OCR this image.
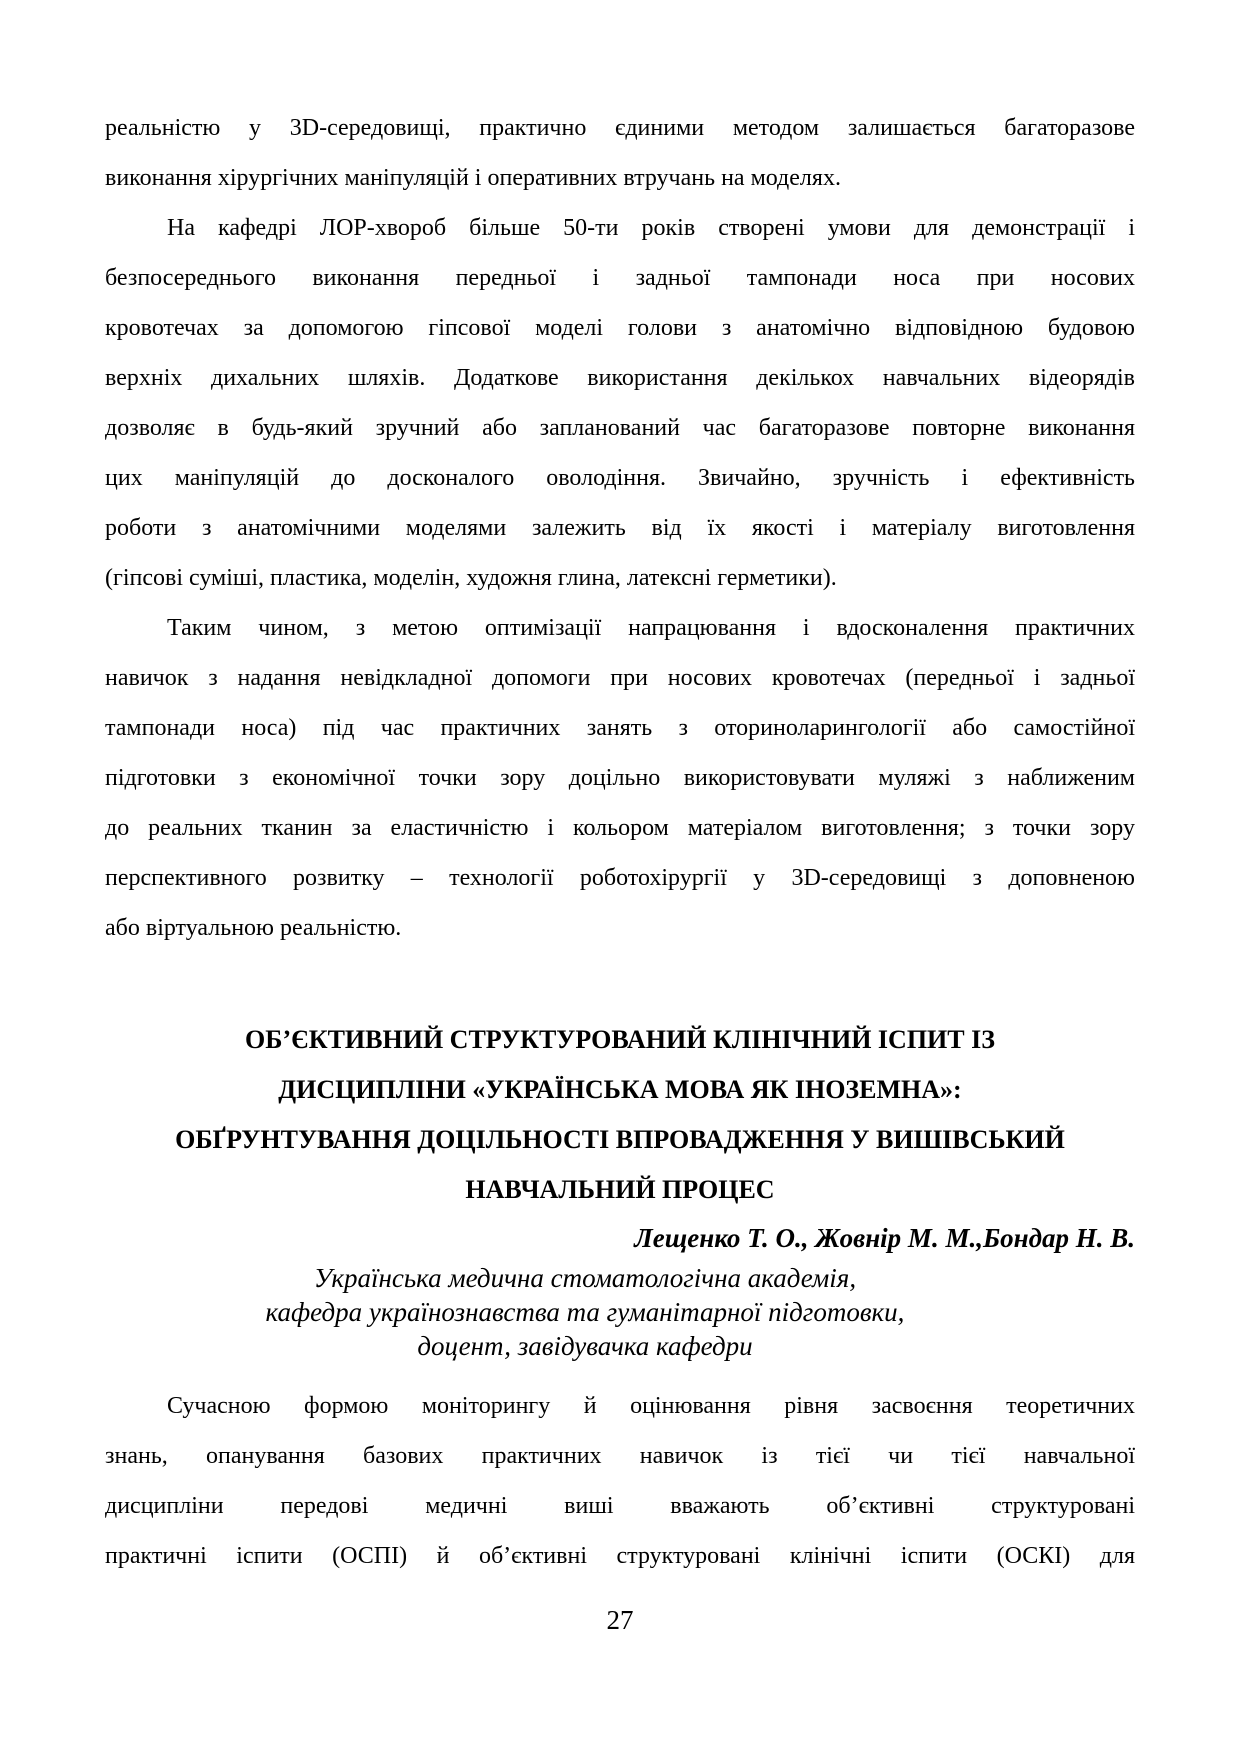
реальністю у 3D-середовищі, практично єдиними методом залишається багаторазове
виконання хірургічних маніпуляцій і оперативних втручань на моделях.
На кафедрі ЛОР-хвороб більше 50-ти років створені умови для демонстрації і
безпосереднього виконання передньої і задньої тампонади носа при носових
кровотечах за допомогою гіпсової моделі голови з анатомічно відповідною будовою
верхніх дихальних шляхів. Додаткове використання декількох навчальних відеорядів
дозволяє в будь-який зручний або запланований час багаторазове повторне виконання
цих маніпуляцій до досконалого оволодіння. Звичайно, зручність і ефективність
роботи з анатомічними моделями залежить від їх якості і матеріалу виготовлення
(гіпсові суміші, пластика, моделін, художня глина, латексні герметики).
Таким чином, з метою оптимізації напрацювання і вдосконалення практичних
навичок з надання невідкладної допомоги при носових кровотечах (передньої і задньої
тампонади носа) під час практичних занять з оториноларингології або самостійної
підготовки з економічної точки зору доцільно використовувати муляжі з наближеним
до реальних тканин за еластичністю і кольором матеріалом виготовлення; з точки зору
перспективного розвитку – технології роботохірургії у 3D-середовищі з доповненою
або віртуальною реальністю.
ОБ’ЄКТИВНИЙ СТРУКТУРОВАНИЙ КЛІНІЧНИЙ ІСПИТ ІЗ
ДИСЦИПЛІНИ «УКРАЇНСЬКА МОВА ЯК ІНОЗЕМНА»:
ОБҐРУНТУВАННЯ ДОЦІЛЬНОСТІ ВПРОВАДЖЕННЯ У ВИШІВСЬКИЙ
НАВЧАЛЬНИЙ ПРОЦЕС
Лещенко Т. О., Жовнір М. М.,Бондар Н. В.
Українська медична стоматологічна академія,
кафедра українознавства та гуманітарної підготовки,
доцент, завідувачка кафедри
Сучасною формою моніторингу й оцінювання рівня засвоєння теоретичних
знань, опанування базових практичних навичок із тієї чи тієї навчальної
дисципліни передові медичні виші вважають об’єктивні структуровані
практичні іспити (ОСПІ) й об’єктивні структуровані клінічні іспити (ОСКІ) для
27
